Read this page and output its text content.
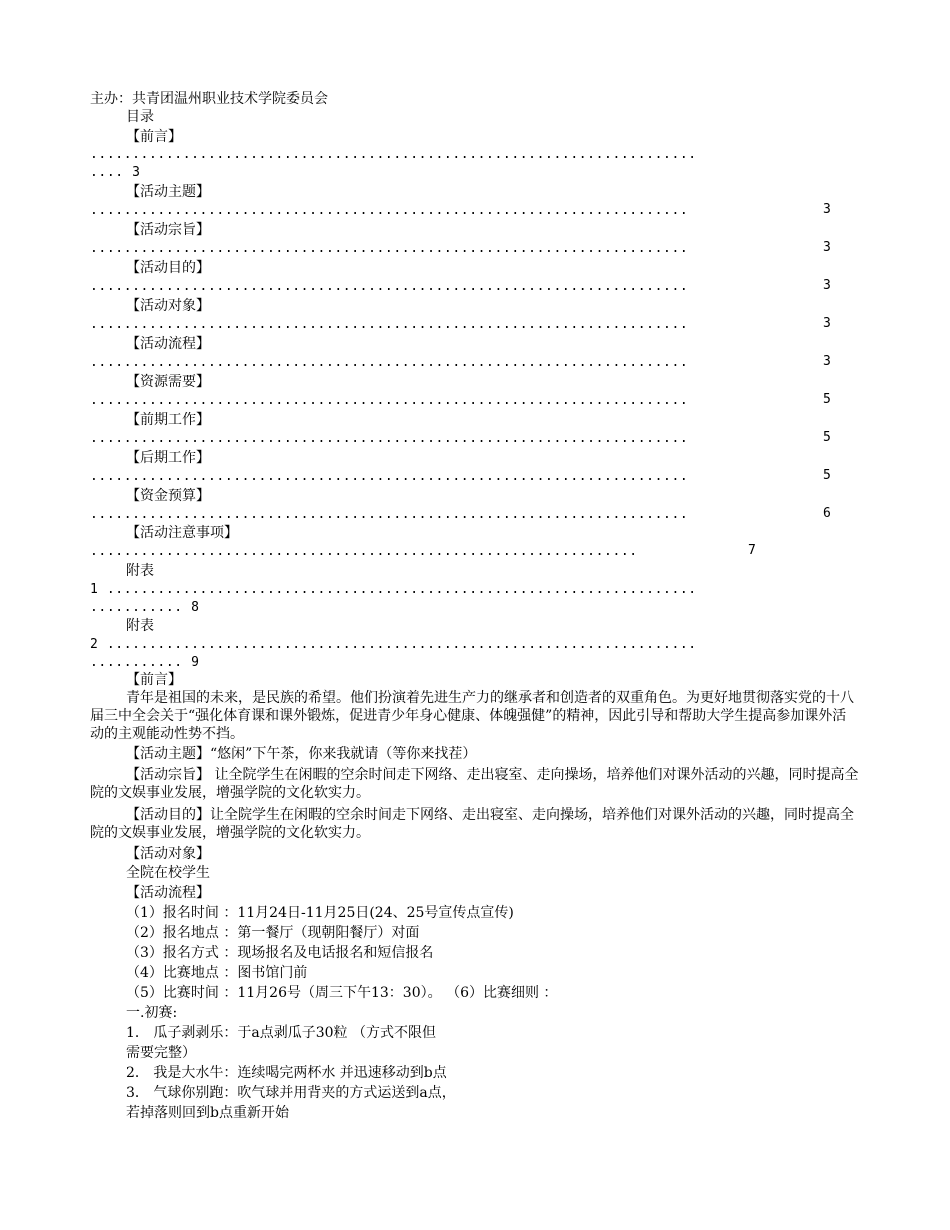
主办：共青团温州职业技术学院委员会
目录
【前言】
........................................................................
.... 3
【活动主题】
.......................................................................	3
【活动宗旨】
.......................................................................	3
【活动目的】
.......................................................................	3
【活动对象】
.......................................................................	3
【活动流程】
.......................................................................	3
【资源需要】
.......................................................................	5
【前期工作】
.......................................................................	5
【后期工作】
.......................................................................	5
【资金预算】
.......................................................................	6
【活动注意事项】
.................................................................	7
附表
1 ......................................................................
........... 8
附表
2 ......................................................................
........... 9
【前言】
青年是祖国的未来，是民族的希望。他们扮演着先进生产力的继承者和创造者的双重角色。为更好地贯彻落实党的十八届三中全会关于“强化体育课和课外锻炼，促进青少年身心健康、体魄强健”的精神，因此引导和帮助大学生提高参加课外活动的主观能动性势不挡。
【活动主题】“悠闲”下午茶，你来我就请（等你来找茬）
【活动宗旨】 让全院学生在闲暇的空余时间走下网络、走出寝室、走向操场，培养他们对课外活动的兴趣，同时提高全院的文娱事业发展，增强学院的文化软实力。
【活动目的】让全院学生在闲暇的空余时间走下网络、走出寝室、走向操场，培养他们对课外活动的兴趣，同时提高全院的文娱事业发展，增强学院的文化软实力。
【活动对象】
全院在校学生
【活动流程】
（1）报名时间 ：11月24日-11月25日(24、25号宣传点宣传)
（2）报名地点 ：第一餐厅（现朝阳餐厅）对面
（3）报名方式 ：现场报名及电话报名和短信报名
（4）比赛地点 ：图书馆门前
（5）比赛时间 ：11月26号（周三下午13：30）。 （6）比赛细则 ：
一.初赛:
1． 瓜子剥剥乐：于a点剥瓜子30粒 （方式不限但
需要完整）
2． 我是大水牛：连续喝完两杯水 并迅速移动到b点
3． 气球你别跑：吹气球并用背夹的方式运送到a点，
若掉落则回到b点重新开始
